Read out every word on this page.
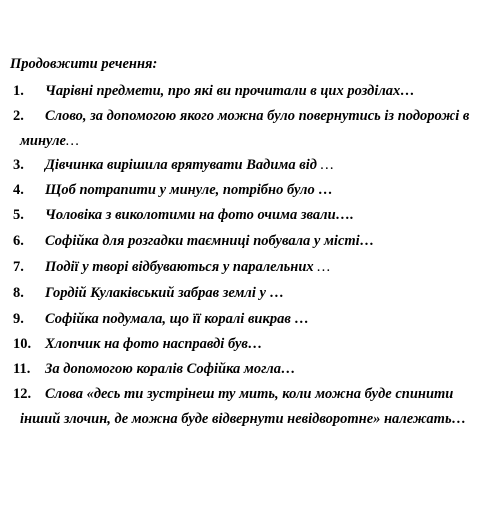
Продовжити речення:
1. Чарівні предмети, про які ви прочитали в цих розділах…
2. Слово, за допомогою якого можна було повернутись із подорожі в
минуле…
3. Дівчинка вирішила врятувати Вадима від …
4. Щоб потрапити у минуле, потрібно було …
5. Чоловіка з виколотими на фото очима звали….
6. Софійка для розгадки таємниці побувала у місті…
7. Події у творі відбуваються у паралельних …
8. Гордій Кулаківський забрав землі у …
9. Софійка подумала, що її коралі викрав …
10. Хлопчик на фото насправді був…
11. За допомогою коралів Софійка могла…
12. Слова «десь ти зустрінеш ту мить, коли можна буде спинити
інший злочин, де можна буде відвернути невідворотне» належать…
